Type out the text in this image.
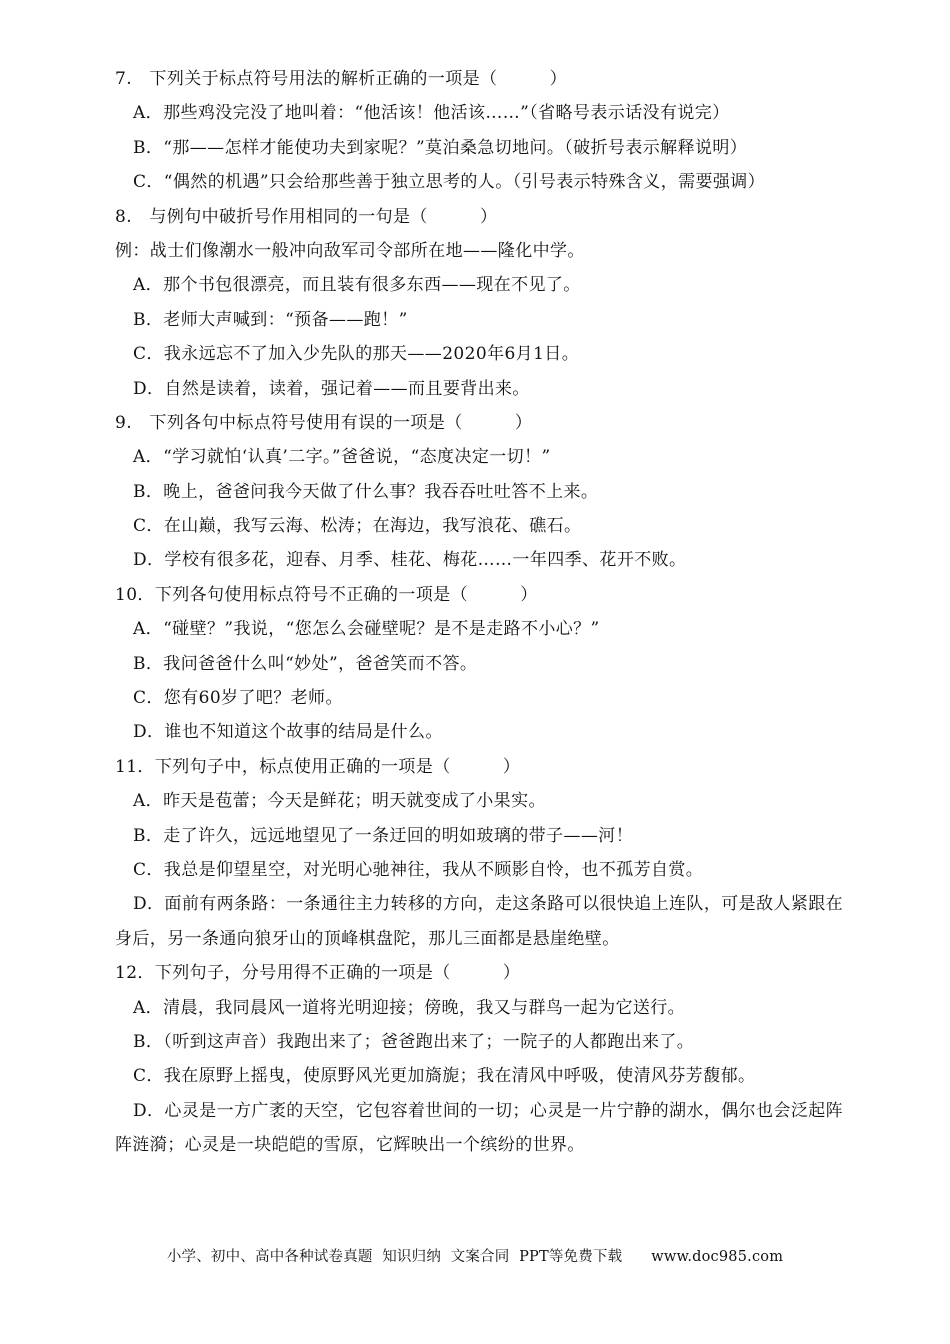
7.　下列关于标点符号用法的解析正确的一项是（　　　）
A．那些鸡没完没了地叫着：“他活该！他活该……”（省略号表示话没有说完）
B．“那——怎样才能使功夫到家呢？”莫泊桑急切地问。（破折号表示解释说明）
C．“偶然的机遇”只会给那些善于独立思考的人。（引号表示特殊含义，需要强调）
8.　与例句中破折号作用相同的一句是（　　　）
例：战士们像潮水一般冲向敌军司令部所在地——隆化中学。
A．那个书包很漂亮，而且装有很多东西——现在不见了。
B．老师大声喊到：“预备——跑！”
C．我永远忘不了加入少先队的那天——2020年6月1日。
D．自然是读着，读着，强记着——而且要背出来。
9.　下列各句中标点符号使用有误的一项是（　　　）
A．“学习就怕‘认真’二字。”爸爸说，“态度决定一切！”
B．晚上，爸爸问我今天做了什么事？我吞吞吐吐答不上来。
C．在山巅，我写云海、松涛；在海边，我写浪花、礁石。
D．学校有很多花，迎春、月季、桂花、梅花……一年四季、花开不败。
10．下列各句使用标点符号不正确的一项是（　　　）
A．“碰壁？”我说，“您怎么会碰壁呢？是不是走路不小心？”
B．我问爸爸什么叫“妙处”，爸爸笑而不答。
C．您有60岁了吧？老师。
D．谁也不知道这个故事的结局是什么。
11．下列句子中，标点使用正确的一项是（　　　）
A．昨天是苞蕾；今天是鲜花；明天就变成了小果实。
B．走了许久，远远地望见了一条迂回的明如玻璃的带子——河！
C．我总是仰望星空，对光明心驰神往，我从不顾影自怜，也不孤芳自赏。
D．面前有两条路：一条通往主力转移的方向，走这条路可以很快追上连队，可是敌人紧跟在身后，另一条通向狼牙山的顶峰棋盘陀，那儿三面都是悬崖绝壁。
12．下列句子，分号用得不正确的一项是（　　　）
A．清晨，我同晨风一道将光明迎接；傍晚，我又与群鸟一起为它送行。
B．（听到这声音）我跑出来了；爸爸跑出来了；一院子的人都跑出来了。
C．我在原野上摇曳，使原野风光更加旖旎；我在清风中呼吸，使清风芬芳馥郁。
D．心灵是一方广袤的天空，它包容着世间的一切；心灵是一片宁静的湖水，偶尔也会泛起阵阵涟漪；心灵是一块皑皑的雪原，它辉映出一个缤纷的世界。
小学、初中、高中各种试卷真题  知识归纳  文案合同  PPT等免费下载 www.doc985.com
